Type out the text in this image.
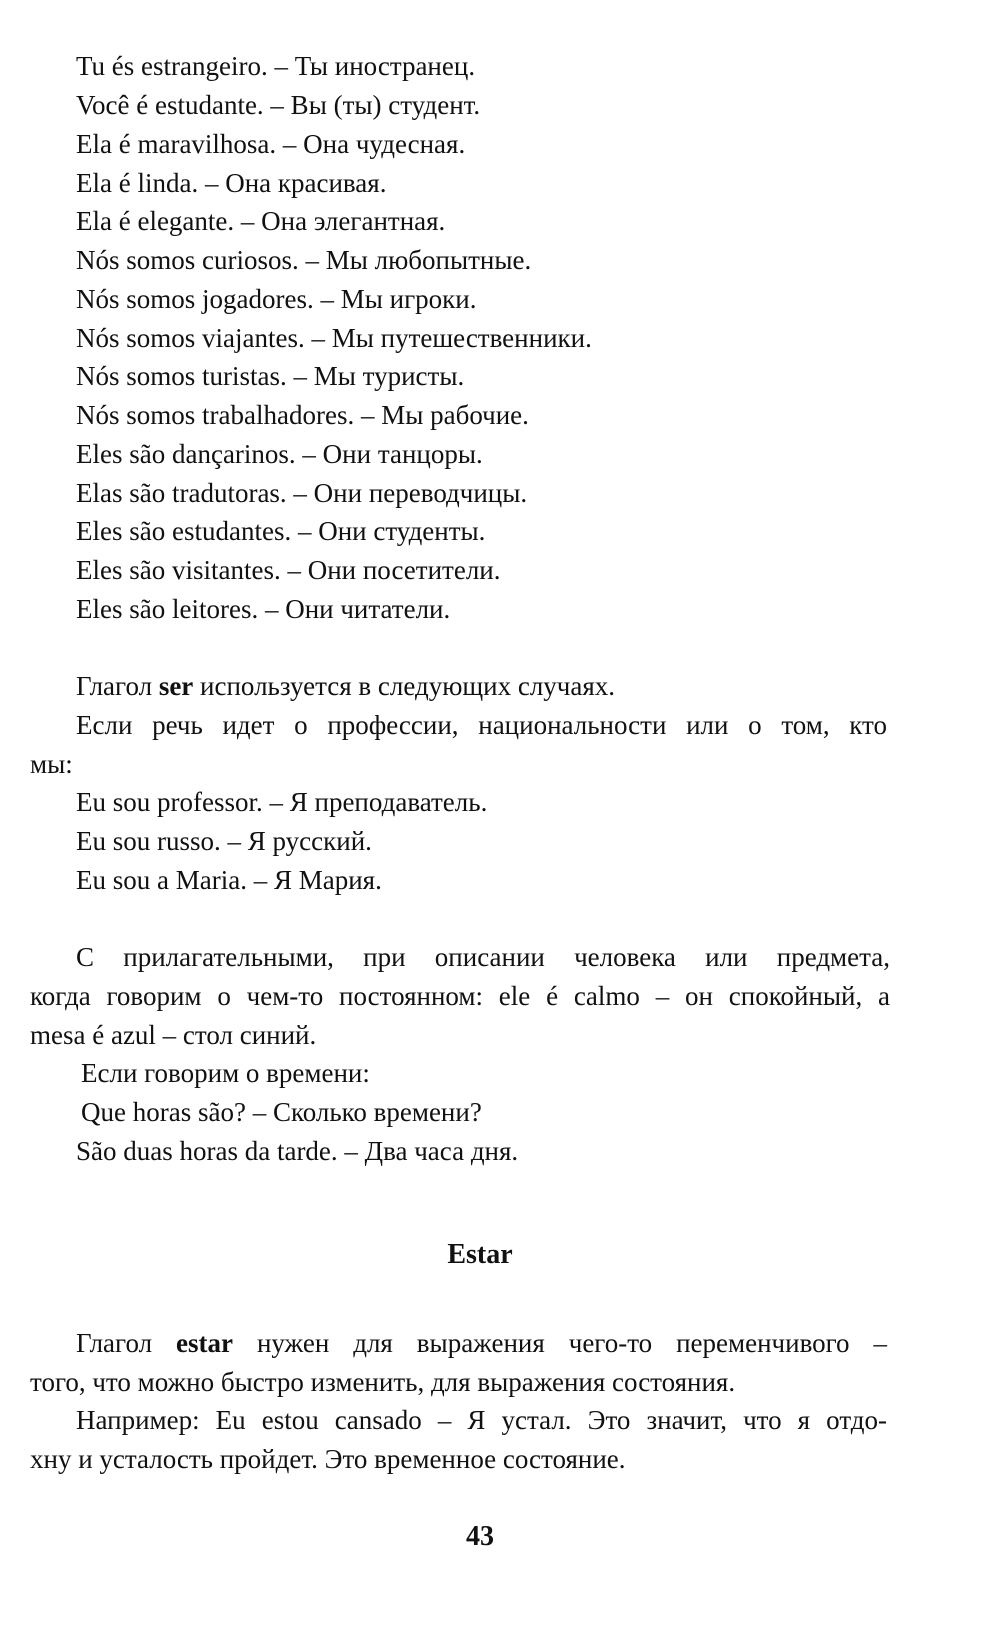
Tu és estrangeiro. – Ты иностранец.
Você é estudante. – Вы (ты) студент.
Ela é maravilhosa. – Она чудесная.
Ela é linda. – Она красивая.
Ela é elegante. – Она элегантная.
Nós somos curiosos. – Мы любопытные.
Nós somos jogadores. – Мы игроки.
Nós somos viajantes. – Мы путешественники.
Nós somos turistas. – Мы туристы.
Nós somos trabalhadores. – Мы рабочие.
Eles são dançarinos. – Они танцоры.
Elas são tradutoras. – Они переводчицы.
Eles são estudantes. – Они студенты.
Eles são visitantes. – Они посетители.
Eles são leitores. – Они читатели.
Глагол ser используется в следующих случаях.
Если речь идет о профессии, национальности или о том, кто
мы:
Eu sou professor. – Я преподаватель.
Eu sou russo. – Я русский.
Eu sou a Maria. – Я Мария.
С прилагательными, при описании человека или предмета,
когда говорим о чем-то постоянном: ele é calmo – он спокойный, а
mesa é azul – стол синий.
Если говорим о времени:
Que horas são? – Сколько времени?
São duas horas da tarde. – Два часа дня.
Estar
Глагол estar нужен для выражения чего-то переменчивого –
того, что можно быстро изменить, для выражения состояния.
Например: Eu estou cansado – Я устал. Это значит, что я отдо-
хну и усталость пройдет. Это временное состояние.
43
